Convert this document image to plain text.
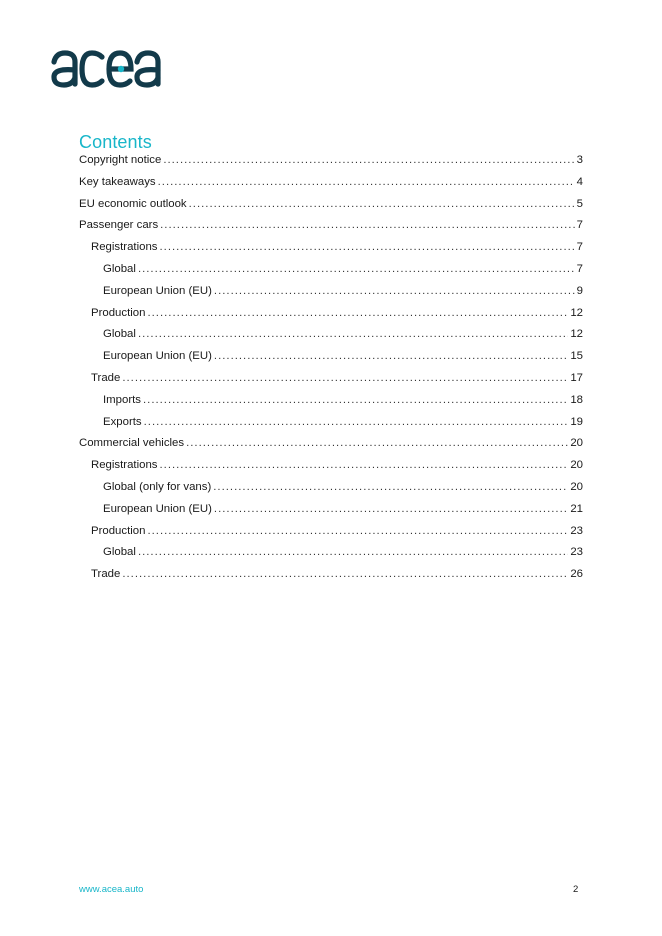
Contents
Copyright notice .....	3
Key takeaways .....	4
EU economic outlook .....	5
Passenger cars .....	7
Registrations .....	7
Global .....	7
European Union (EU) .....	9
Production .....	12
Global .....	12
European Union (EU) .....	15
Trade .....	17
Imports .....	18
Exports .....	19
Commercial vehicles .....	20
Registrations .....	20
Global (only for vans) .....	20
European Union (EU) .....	21
Production .....	23
Global .....	23
Trade .....	26
www.acea.auto	2
